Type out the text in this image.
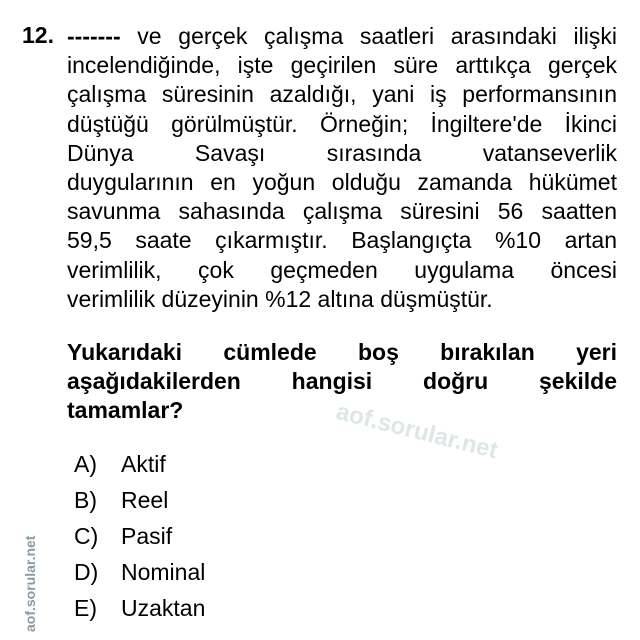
12. ------- ve gerçek çalışma saatleri arasındaki ilişki
incelendiğinde, işte geçirilen süre arttıkça gerçek
çalışma süresinin azaldığı, yani iş performansının
düştüğü görülmüştür. Örneğin; İngiltere'de İkinci
Dünya Savaşı sırasında vatanseverlik
duygularının en yoğun olduğu zamanda hükümet
savunma sahasında çalışma süresini 56 saatten
59,5 saate çıkarmıştır. Başlangıçta %10 artan
verimlilik, çok geçmeden uygulama öncesi
verimlilik düzeyinin %12 altına düşmüştür.
Yukarıdaki cümlede boş bırakılan yeri
aşağıdakilerden hangisi doğru şekilde
tamamlar?	aof.sorular.net
A)	Aktif
B)	Reel
C) Pasif
D) Nominal
E)	Uzaktan
aof.sorular.net
